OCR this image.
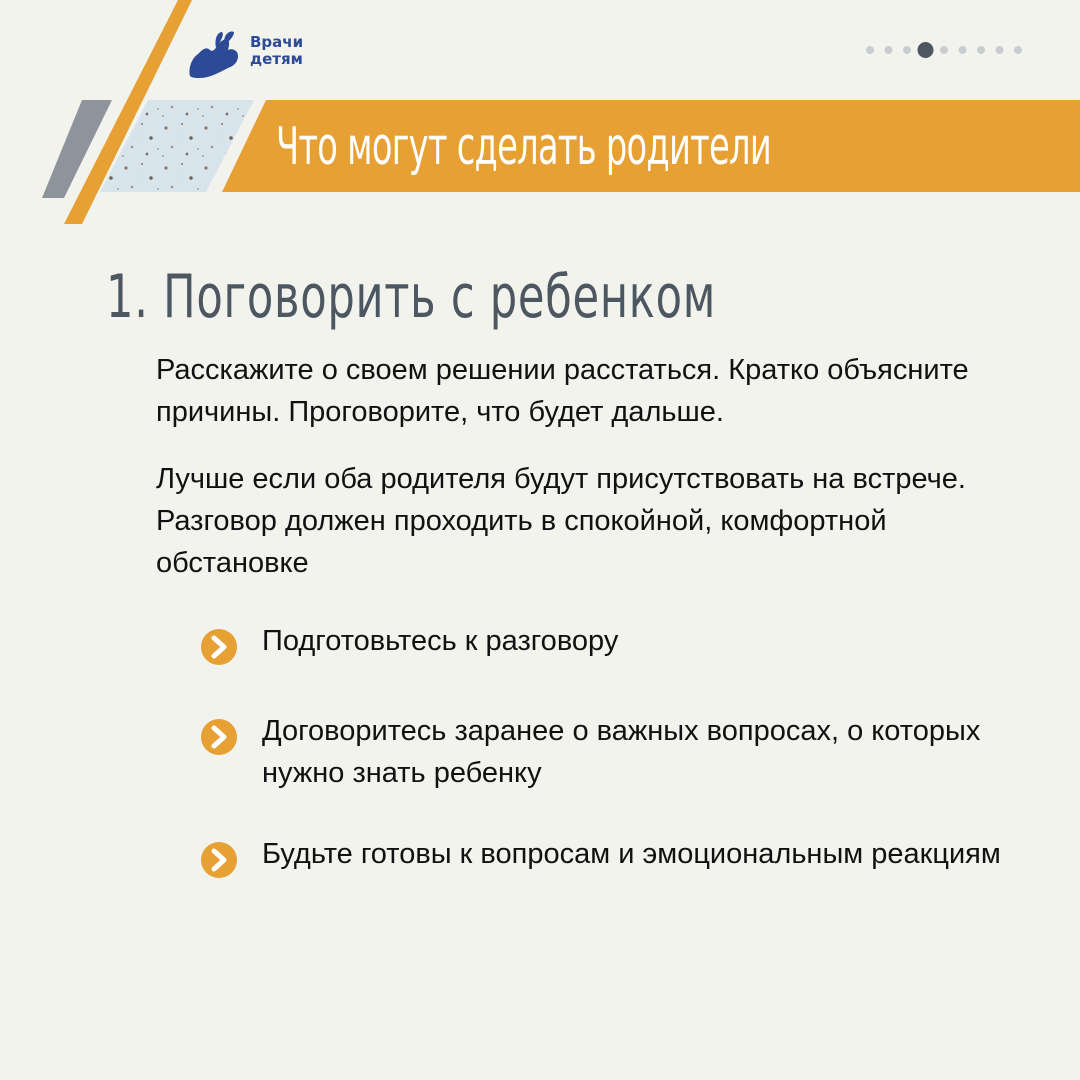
Врачи
детям
Что могут сделать родители
1. Поговорить с ребенком

Расскажите о своем решении расстаться. Кратко объясните причины. Проговорите, что будет дальше.

Лучше если оба родителя будут присутствовать на встрече. Разговор должен проходить в спокойной, комфортной обстановке

Подготовьтесь к разговору
Договоритесь заранее о важных вопросах, о которых нужно знать ребенку
Будьте готовы к вопросам и эмоциональным реакциям
